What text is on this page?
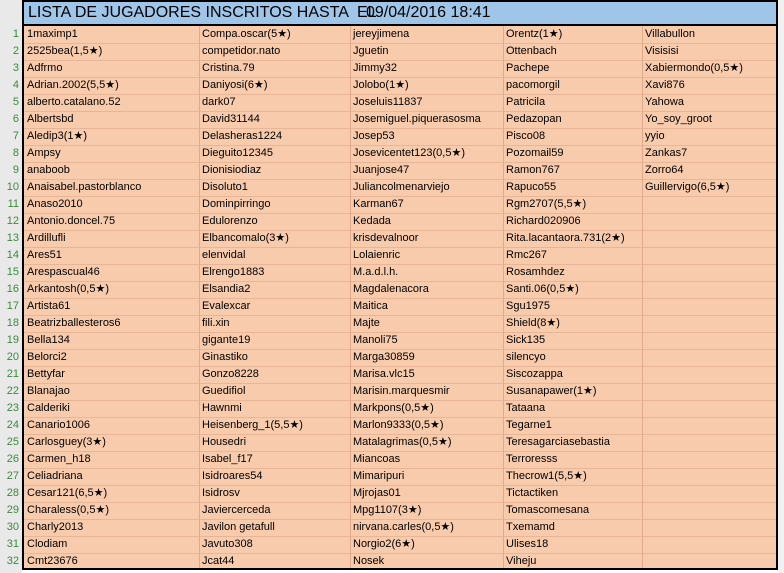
1
2
3
4
5
6
7
8
9
10
11
12
13
14
15
16
17
18
19
20
21
22
23
24
25
26
27
28
29
30
31
32
LISTA DE JUGADORES INSCRITOS HASTA  EL
09/04/2016 18:41
1maximp1
2525bea(1,5★)
Adfrmo
Adrian.2002(5,5★)
alberto.catalano.52
Albertsbd
Aledip3(1★)
Ampsy
anaboob
Anaisabel.pastorblanco
Anaso2010
Antonio.doncel.75
Ardillufli
Ares51
Arespascual46
Arkantosh(0,5★)
Artista61
Beatrizballesteros6
Bella134
Belorci2
Bettyfar
Blanajao
Calderiki
Canario1006
Carlosguey(3★)
Carmen_h18
Celiadriana
Cesar121(6,5★)
Charaless(0,5★)
Charly2013
Clodiam
Cmt23676
Compa.oscar(5★)
competidor.nato
Cristina.79
Daniyosi(6★)
dark07
David31144
Delasheras1224
Dieguito12345
Dionisiodiaz
Disoluto1
Dominpirringo
Edulorenzo
Elbancomalo(3★)
elenvidal
Elrengo1883
Elsandia2
Evalexcar
fili.xin
gigante19
Ginastiko
Gonzo8228
Guedifiol
Hawnmi
Heisenberg_1(5,5★)
Housedri
Isabel_f17
Isidroares54
Isidrosv
Javiercerceda
Javilon getafull
Javuto308
Jcat44
jereyjimena
Jguetin
Jimmy32
Jolobo(1★)
Joseluis11837
Josemiguel.piquerasosma
Josep53
Josevicentet123(0,5★)
Juanjose47
Juliancolmenarviejo
Karman67
Kedada
krisdevalnoor
Lolaienric
M.a.d.l.h.
Magdalenacora
Maitica
Majte
Manoli75
Marga30859
Marisa.vlc15
Marisin.marquesmir
Markpons(0,5★)
Marlon9333(0,5★)
Matalagrimas(0,5★)
Miancoas
Mimaripuri
Mjrojas01
Mpg1107(3★)
nirvana.carles(0,5★)
Norgio2(6★)
Nosek
Orentz(1★)
Ottenbach
Pachepe
pacomorgil
Patricila
Pedazopan
Pisco08
Pozomail59
Ramon767
Rapuco55
Rgm2707(5,5★)
Richard020906
Rita.lacantaora.731(2★)
Rmc267
Rosamhdez
Santi.06(0,5★)
Sgu1975
Shield(8★)
Sick135
silencyo
Siscozappa
Susanapawer(1★)
Tataana
Tegarne1
Teresagarciasebastia
Terroresss
Thecrow1(5,5★)
Tictactiken
Tomascomesana
Txemamd
Ulises18
Viheju
Villabullon
Visisisi
Xabiermondo(0,5★)
Xavi876
Yahowa
Yo_soy_groot
yyio
Zankas7
Zorro64
Guillervigo(6,5★)
